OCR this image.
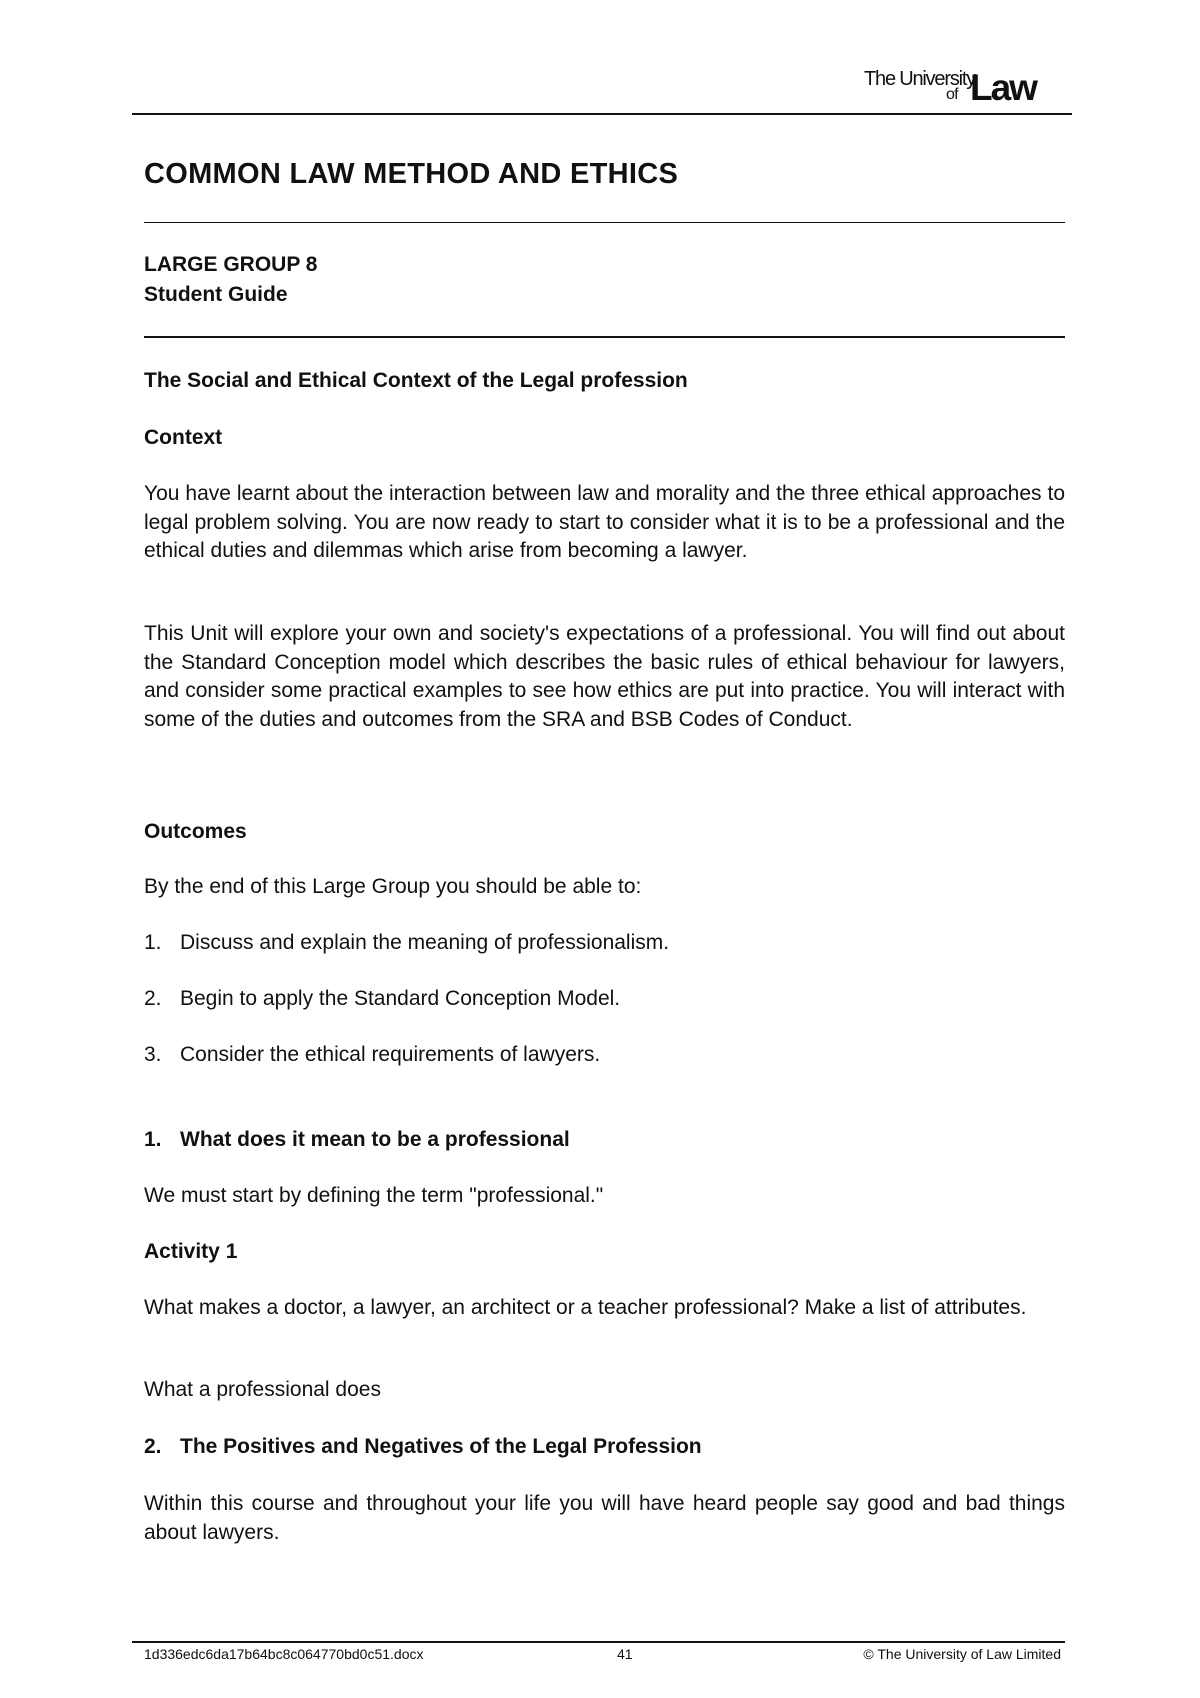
The University
of Law
COMMON LAW METHOD AND ETHICS

LARGE GROUP 8

Student Guide

The Social and Ethical Context of the Legal profession

Context

You have learnt about the interaction between law and morality and the three ethical approaches to legal problem solving. You are now ready to start to consider what it is to be a professional and the ethical duties and dilemmas which arise from becoming a lawyer.

This Unit will explore your own and society's expectations of a professional. You will find out about the Standard Conception model which describes the basic rules of ethical behaviour for lawyers, and consider some practical examples to see how ethics are put into practice. You will interact with some of the duties and outcomes from the SRA and BSB Codes of Conduct.

Outcomes

By the end of this Large Group you should be able to:

1. Discuss and explain the meaning of professionalism.

2. Begin to apply the Standard Conception Model.

3. Consider the ethical requirements of lawyers.

1. What does it mean to be a professional

We must start by defining the term "professional."

Activity 1

What makes a doctor, a lawyer, an architect or a teacher professional? Make a list of attributes.

What a professional does

2. The Positives and Negatives of the Legal Profession

Within this course and throughout your life you will have heard people say good and bad things about lawyers.

1d336edc6da17b64bc8c064770bd0c51.docx	41	© The University of Law Limited
